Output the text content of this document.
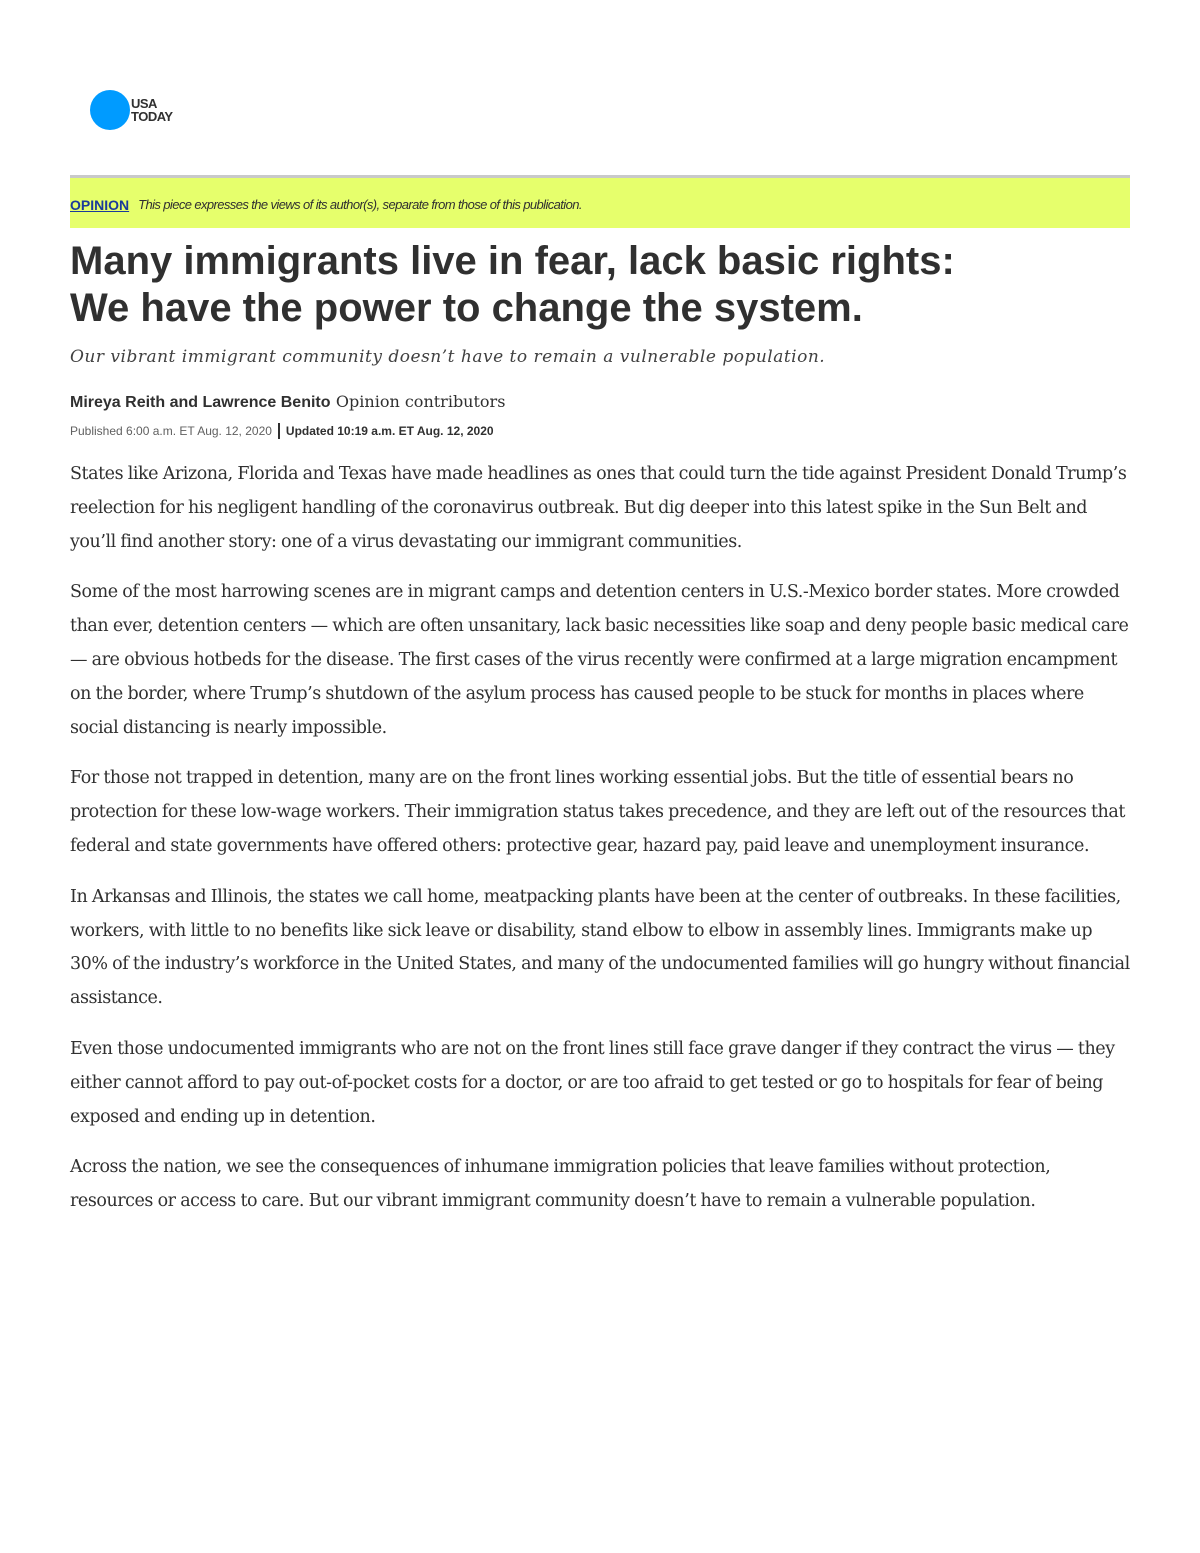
USA
TODAY
OPINION This piece expresses the views of its author(s), separate from those of this publication.
Many immigrants live in fear, lack basic rights:
We have the power to change the system.
Our vibrant immigrant community doesn’t have to remain a vulnerable population.
Mireya Reith and Lawrence Benito Opinion contributors
Published 6:00 a.m. ET Aug. 12, 2020 Updated 10:19 a.m. ET Aug. 12, 2020

States like Arizona, Florida and Texas have made headlines as ones that could turn the tide against President Donald Trump’s reelection for his negligent handling of the coronavirus outbreak. But dig deeper into this latest spike in the Sun Belt and you’ll find another story: one of a virus devastating our immigrant communities.

Some of the most harrowing scenes are in migrant camps and detention centers in U.S.-Mexico border states. More crowded than ever, detention centers — which are often unsanitary, lack basic necessities like soap and deny people basic medical care — are obvious hotbeds for the disease. The first cases of the virus recently were confirmed at a large migration encampment on the border, where Trump’s shutdown of the asylum process has caused people to be stuck for months in places where social distancing is nearly impossible.

For those not trapped in detention, many are on the front lines working essential jobs. But the title of essential bears no protection for these low-wage workers. Their immigration status takes precedence, and they are left out of the resources that federal and state governments have offered others: protective gear, hazard pay, paid leave and unemployment insurance.

In Arkansas and Illinois, the states we call home, meatpacking plants have been at the center of outbreaks. In these facilities, workers, with little to no benefits like sick leave or disability, stand elbow to elbow in assembly lines. Immigrants make up 30% of the industry’s workforce in the United States, and many of the undocumented families will go hungry without financial assistance.

Even those undocumented immigrants who are not on the front lines still face grave danger if they contract the virus — they either cannot afford to pay out-of-pocket costs for a doctor, or are too afraid to get tested or go to hospitals for fear of being exposed and ending up in detention.

Across the nation, we see the consequences of inhumane immigration policies that leave families without protection, resources or access to care. But our vibrant immigrant community doesn’t have to remain a vulnerable population.
